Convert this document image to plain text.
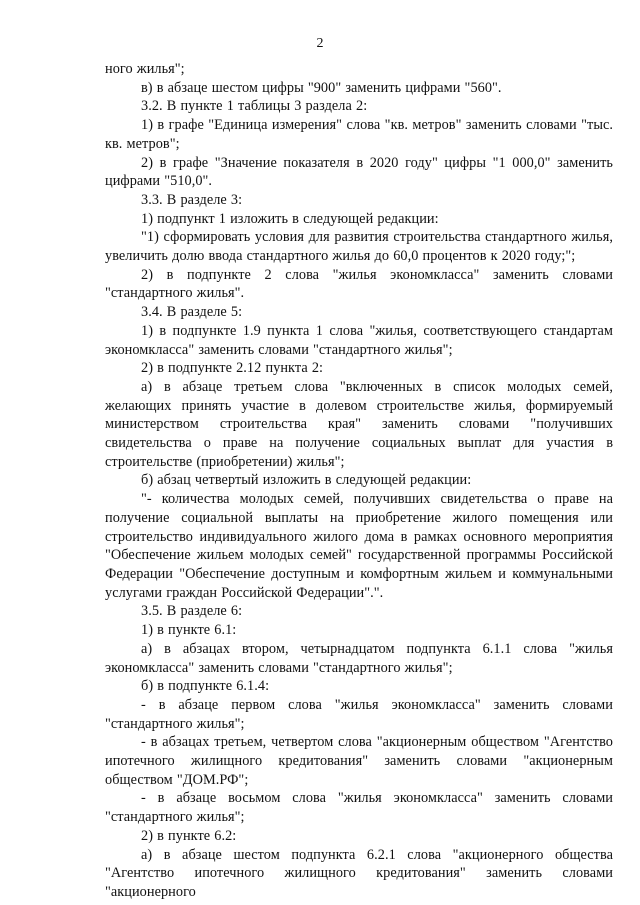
2

ного жилья";

в) в абзаце шестом цифры "900" заменить цифрами "560".

3.2. В пункте 1 таблицы 3 раздела 2:

1) в графе "Единица измерения" слова "кв. метров" заменить словами "тыс. кв. метров";

2) в графе "Значение показателя в 2020 году" цифры "1 000,0" заменить цифрами "510,0".

3.3. В разделе 3:

1) подпункт 1 изложить в следующей редакции:

"1) сформировать условия для развития строительства стандартного жилья, увеличить долю ввода стандартного жилья до 60,0 процентов к 2020 году;";

2) в подпункте 2 слова "жилья экономкласса" заменить словами "стандартного жилья".

3.4. В разделе 5:

1) в подпункте 1.9 пункта 1 слова "жилья, соответствующего стандартам экономкласса" заменить словами "стандартного жилья";

2) в подпункте 2.12 пункта 2:

а) в абзаце третьем слова "включенных в список молодых семей, желающих принять участие в долевом строительстве жилья, формируемый министерством строительства края" заменить словами "получивших свидетельства о праве на получение социальных выплат для участия в строительстве (приобретении) жилья";

б) абзац четвертый изложить в следующей редакции:

"- количества молодых семей, получивших свидетельства о праве на получение социальной выплаты на приобретение жилого помещения или строительство индивидуального жилого дома в рамках основного мероприятия "Обеспечение жильем молодых семей" государственной программы Российской Федерации "Обеспечение доступным и комфортным жильем и коммунальными услугами граждан Российской Федерации".".

3.5. В разделе 6:

1) в пункте 6.1:

а) в абзацах втором, четырнадцатом подпункта 6.1.1 слова "жилья экономкласса" заменить словами "стандартного жилья";

б) в подпункте 6.1.4:

- в абзаце первом слова "жилья экономкласса" заменить словами "стандартного жилья";

- в абзацах третьем, четвертом слова "акционерным обществом "Агентство ипотечного жилищного кредитования" заменить словами "акционерным обществом "ДОМ.РФ";

- в абзаце восьмом слова "жилья экономкласса" заменить словами "стандартного жилья";

2) в пункте 6.2:

а) в абзаце шестом подпункта 6.2.1 слова "акционерного общества "Агентство ипотечного жилищного кредитования" заменить словами "акционерного
